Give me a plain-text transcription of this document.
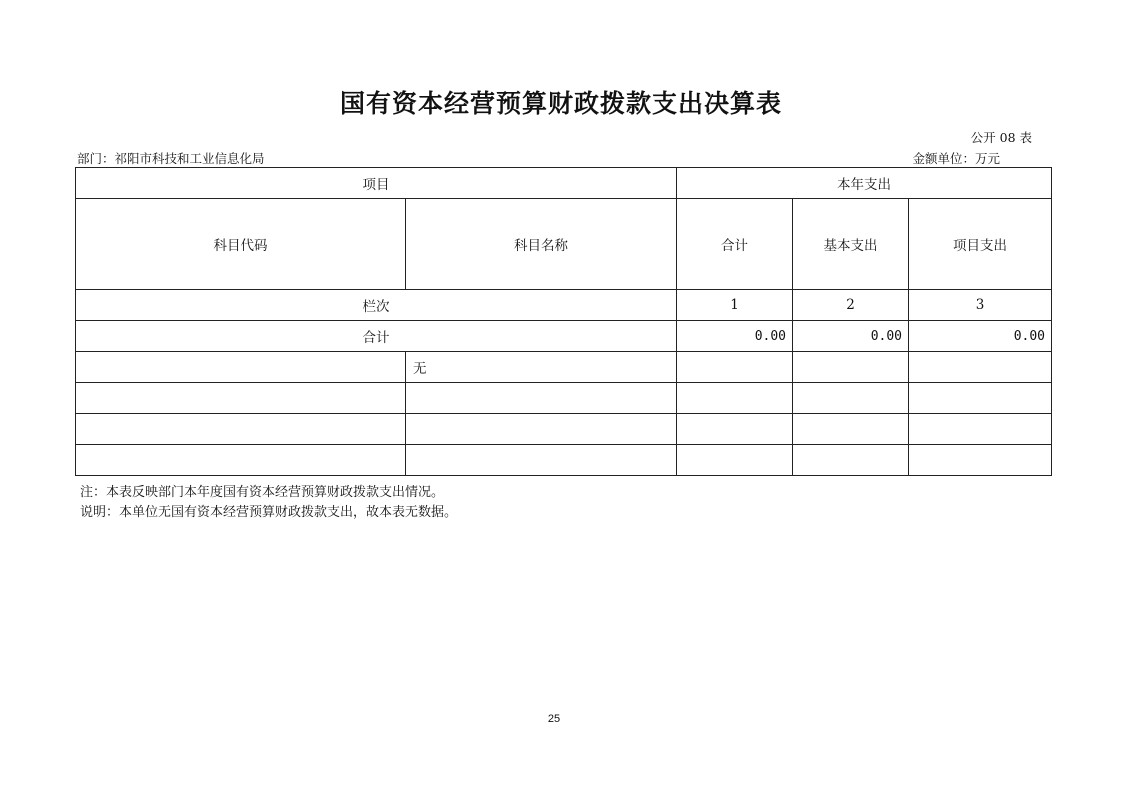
国有资本经营预算财政拨款支出决算表
公开 08 表
部门：祁阳市科技和工业信息化局	金额单位：万元
项目		本年支出		
科目代码	科目名称	合计	基本支出	项目支出
栏次		1	2	3
合计		0.00	0.00	0.00
	无			

注：本表反映部门本年度国有资本经营预算财政拨款支出情况。
说明：本单位无国有资本经营预算财政拨款支出，故本表无数据。
25
